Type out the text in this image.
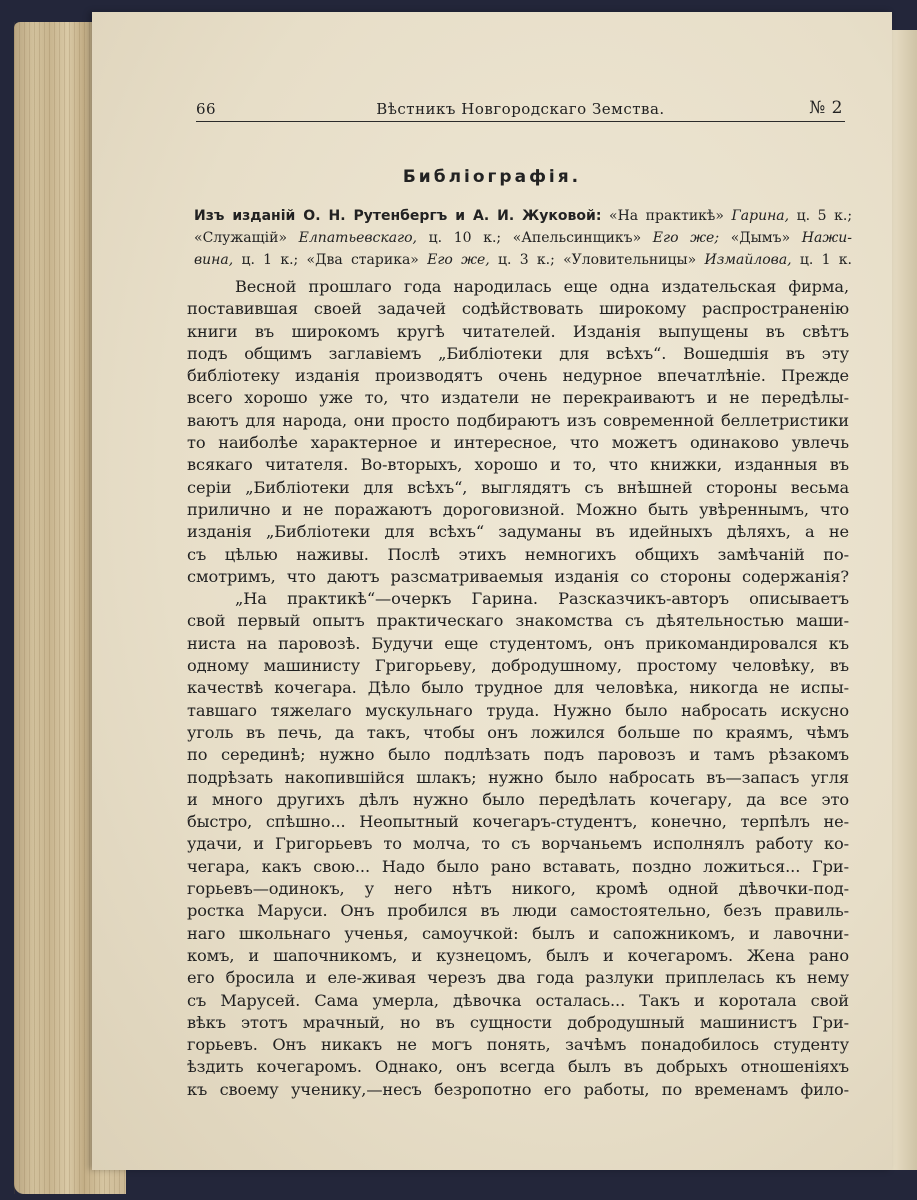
66	Вѣстникъ Новгородскаго Земства.	№ 2
Библіографія.
Изъ изданій О. Н. Рутенбергъ и А. И. Жуковой: «На практикѣ» Гарина, ц. 5 к.;
«Служащій» Елпатьевскаго, ц. 10 к.; «Апельсинщикъ» Его же; «Дымъ» Нажи-
вина, ц. 1 к.; «Два старика» Его же, ц. 3 к.; «Уловительницы» Измайлова, ц. 1 к.
Весной прошлаго года народилась еще одна издательская фирма,
поставившая своей задачей содѣйствовать широкому распространенію
книги въ широкомъ кругѣ читателей. Изданія выпущены въ свѣтъ
подъ общимъ заглавіемъ „Библіотеки для всѣхъ“. Вошедшія въ эту
библіотеку изданія производятъ очень недурное впечатлѣніе. Прежде
всего хорошо уже то, что издатели не перекраиваютъ и не передѣлы-
ваютъ для народа, они просто подбираютъ изъ современной беллетристики
то наиболѣе характерное и интересное, что можетъ одинаково увлечь
всякаго читателя. Во-вторыхъ, хорошо и то, что книжки, изданныя въ
серіи „Библіотеки для всѣхъ“, выглядятъ съ внѣшней стороны весьма
прилично и не поражаютъ дороговизной. Можно быть увѣреннымъ, что
изданія „Библіотеки для всѣхъ“ задуманы въ идейныхъ дѣляхъ, а не
съ цѣлью наживы. Послѣ этихъ немногихъ общихъ замѣчаній по-
смотримъ, что даютъ разсматриваемыя изданія со стороны содержанія?
„На практикѣ“—очеркъ Гарина. Разсказчикъ-авторъ описываетъ
свой первый опытъ практическаго знакомства съ дѣятельностью маши-
ниста на паровозѣ. Будучи еще студентомъ, онъ прикомандировался къ
одному машинисту Григорьеву, добродушному, простому человѣку, въ
качествѣ кочегара. Дѣло было трудное для человѣка, никогда не испы-
тавшаго тяжелаго мускульнаго труда. Нужно было набросать искусно
уголь въ печь, да такъ, чтобы онъ ложился больше по краямъ, чѣмъ
по серединѣ; нужно было подлѣзать подъ паровозъ и тамъ рѣзакомъ
подрѣзать накопившійся шлакъ; нужно было набросать въ—запасъ угля
и много другихъ дѣлъ нужно было передѣлать кочегару, да все это
быстро, спѣшно... Неопытный кочегаръ-студентъ, конечно, терпѣлъ не-
удачи, и Григорьевъ то молча, то съ ворчаньемъ исполнялъ работу ко-
чегара, какъ свою... Надо было рано вставать, поздно ложиться... Гри-
горьевъ—одинокъ, у него нѣтъ никого, кромѣ одной дѣвочки-под-
ростка Маруси. Онъ пробился въ люди самостоятельно, безъ правиль-
наго школьнаго ученья, самоучкой: былъ и сапожникомъ, и лавочни-
комъ, и шапочникомъ, и кузнецомъ, былъ и кочегаромъ. Жена рано
его бросила и еле-живая черезъ два года разлуки приплелась къ нему
съ Марусей. Сама умерла, дѣвочка осталась... Такъ и коротала свой
вѣкъ этотъ мрачный, но въ сущности добродушный машинистъ Гри-
горьевъ. Онъ никакъ не могъ понять, зачѣмъ понадобилось студенту
ѣздить кочегаромъ. Однако, онъ всегда былъ въ добрыхъ отношеніяхъ
къ своему ученику,—несъ безропотно его работы, по временамъ фило-
